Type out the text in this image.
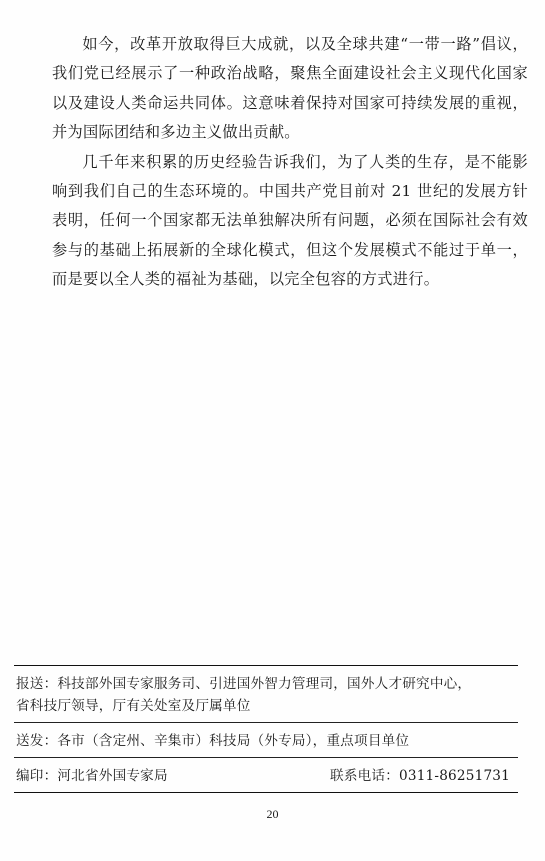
如今，改革开放取得巨大成就，以及全球共建“一带一路”倡议，我们党已经展示了一种政治战略，聚焦全面建设社会主义现代化国家以及建设人类命运共同体。这意味着保持对国家可持续发展的重视，并为国际团结和多边主义做出贡献。

几千年来积累的历史经验告诉我们，为了人类的生存，是不能影响到我们自己的生态环境的。中国共产党目前对 21 世纪的发展方针表明，任何一个国家都无法单独解决所有问题，必须在国际社会有效参与的基础上拓展新的全球化模式，但这个发展模式不能过于单一，而是要以全人类的福祉为基础，以完全包容的方式进行。

报送：科技部外国专家服务司、引进国外智力管理司，国外人才研究中心，
省科技厅领导，厅有关处室及厅属单位
送发：各市（含定州、辛集市）科技局（外专局），重点项目单位
编印：河北省外国专家局	联系电话：0311-86251731
20
